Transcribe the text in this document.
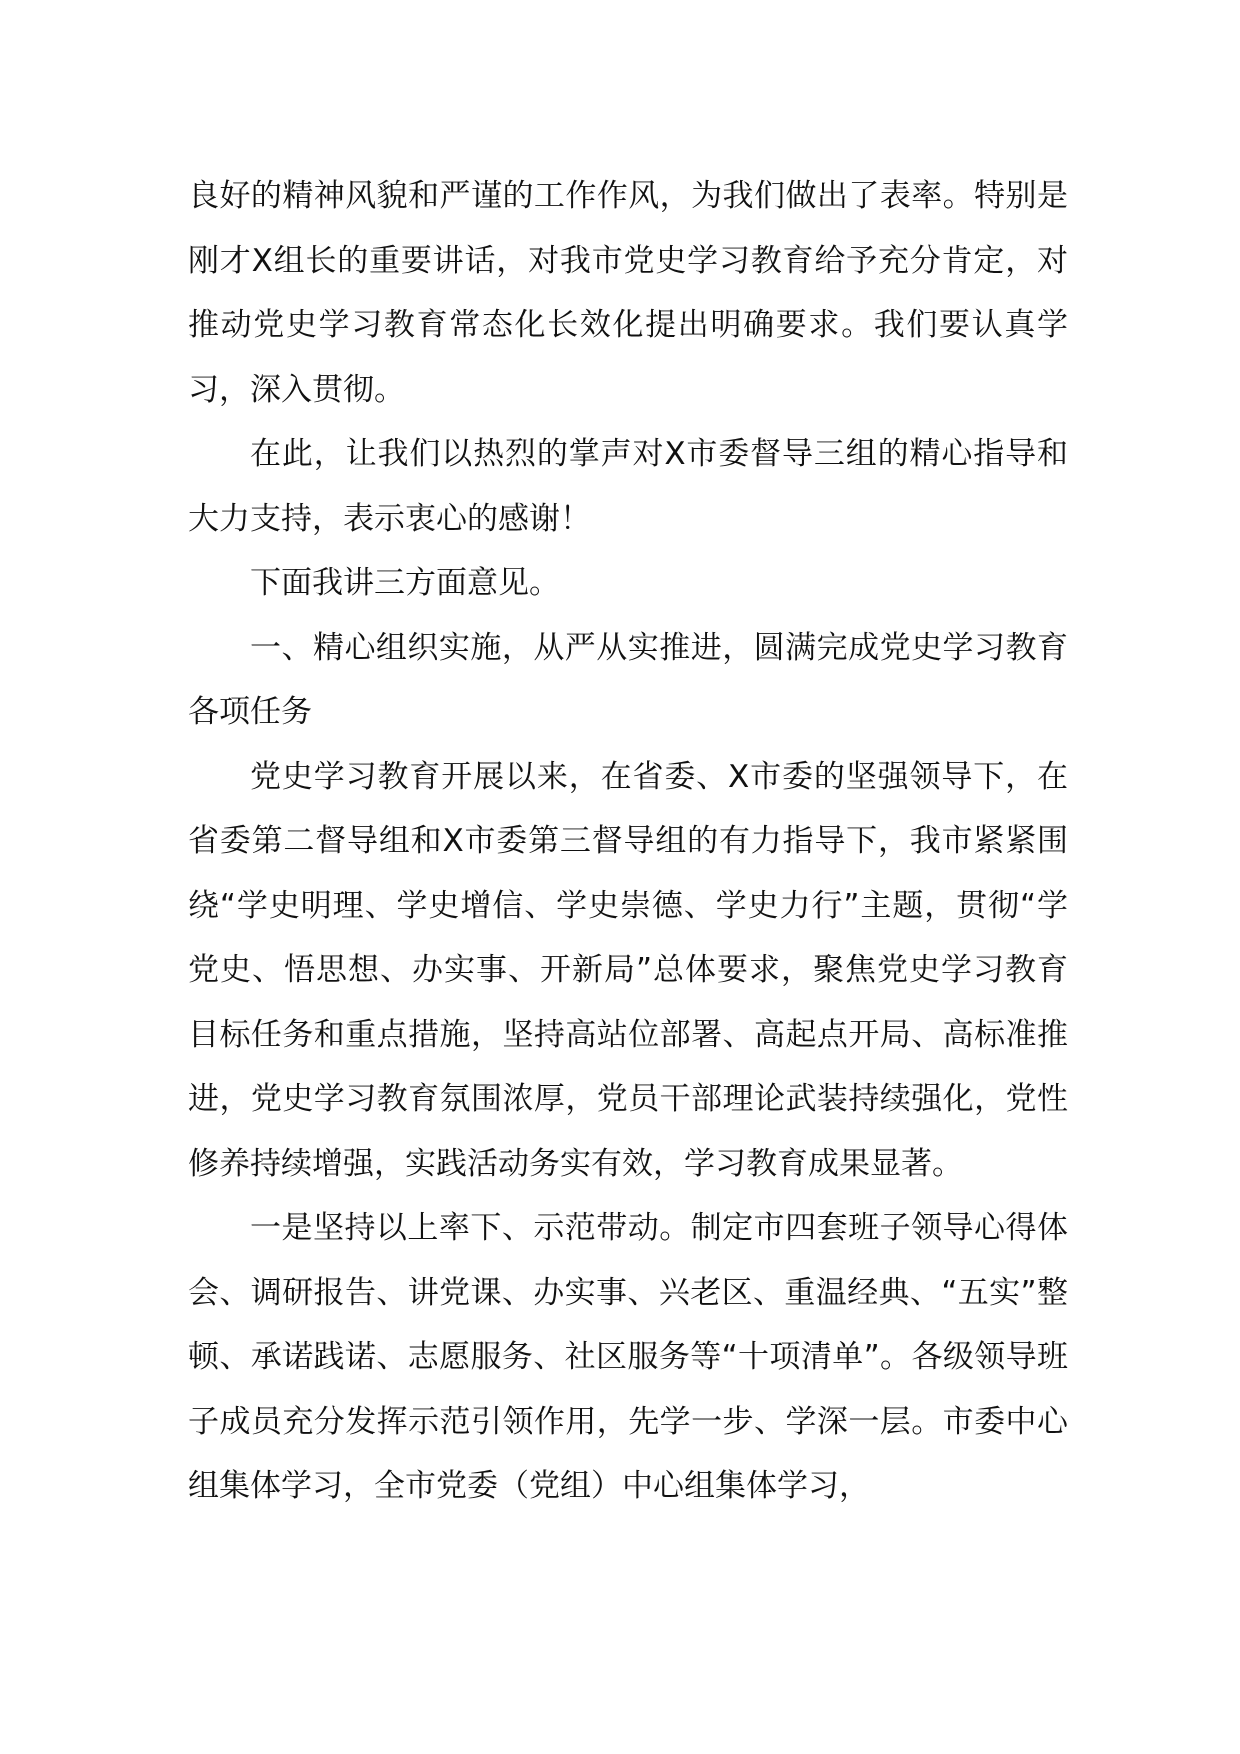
良好的精神风貌和严谨的工作作风，为我们做出了表率。特别是刚才X组长的重要讲话，对我市党史学习教育给予充分肯定，对推动党史学习教育常态化长效化提出明确要求。我们要认真学习，深入贯彻。

在此，让我们以热烈的掌声对X市委督导三组的精心指导和大力支持，表示衷心的感谢！

下面我讲三方面意见。

一、精心组织实施，从严从实推进，圆满完成党史学习教育各项任务

党史学习教育开展以来，在省委、X市委的坚强领导下，在省委第二督导组和X市委第三督导组的有力指导下，我市紧紧围绕“学史明理、学史增信、学史崇德、学史力行”主题，贯彻“学党史、悟思想、办实事、开新局”总体要求，聚焦党史学习教育目标任务和重点措施，坚持高站位部署、高起点开局、高标准推进，党史学习教育氛围浓厚，党员干部理论武装持续强化，党性修养持续增强，实践活动务实有效，学习教育成果显著。

一是坚持以上率下、示范带动。制定市四套班子领导心得体会、调研报告、讲党课、办实事、兴老区、重温经典、“五实”整顿、承诺践诺、志愿服务、社区服务等“十项清单”。各级领导班子成员充分发挥示范引领作用，先学一步、学深一层。市委中心组集体学习，全市党委（党组）中心组集体学习，
